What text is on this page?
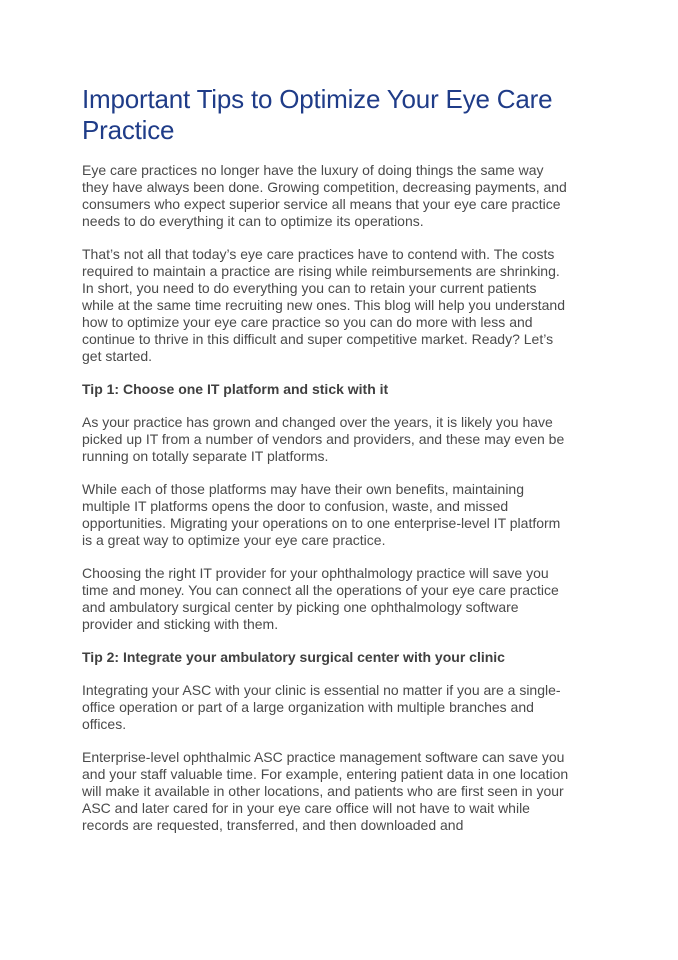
Important Tips to Optimize Your Eye Care
Practice

Eye care practices no longer have the luxury of doing things the same way
they have always been done. Growing competition, decreasing payments, and
consumers who expect superior service all means that your eye care practice
needs to do everything it can to optimize its operations.

That’s not all that today’s eye care practices have to contend with. The costs
required to maintain a practice are rising while reimbursements are shrinking.
In short, you need to do everything you can to retain your current patients
while at the same time recruiting new ones. This blog will help you understand
how to optimize your eye care practice so you can do more with less and
continue to thrive in this difficult and super competitive market. Ready? Let’s
get started.

Tip 1: Choose one IT platform and stick with it

As your practice has grown and changed over the years, it is likely you have
picked up IT from a number of vendors and providers, and these may even be
running on totally separate IT platforms.

While each of those platforms may have their own benefits, maintaining
multiple IT platforms opens the door to confusion, waste, and missed
opportunities. Migrating your operations on to one enterprise-level IT platform
is a great way to optimize your eye care practice.

Choosing the right IT provider for your ophthalmology practice will save you
time and money. You can connect all the operations of your eye care practice
and ambulatory surgical center by picking one ophthalmology software
provider and sticking with them.

Tip 2: Integrate your ambulatory surgical center with your clinic

Integrating your ASC with your clinic is essential no matter if you are a single-
office operation or part of a large organization with multiple branches and
offices.

Enterprise-level ophthalmic ASC practice management software can save you
and your staff valuable time. For example, entering patient data in one location
will make it available in other locations, and patients who are first seen in your
ASC and later cared for in your eye care office will not have to wait while
records are requested, transferred, and then downloaded and
